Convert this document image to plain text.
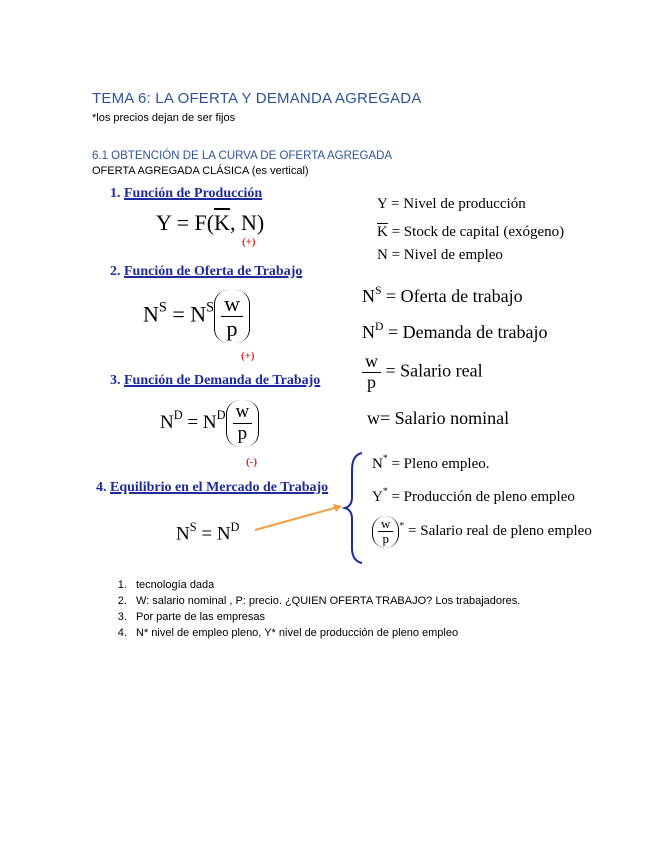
TEMA 6: LA OFERTA Y DEMANDA AGREGADA
*los precios dejan de ser fijos
6.1 OBTENCIÓN DE LA CURVA DE OFERTA AGREGADA
OFERTA AGREGADA CLÁSICA (es vertical)
1. Función de Producción
$Y = F(\overline{K}$, N)
(+)
Y = Nivel de producción
$\overline{K}$ = Stock de capital (exógeno)
N = Nivel de empleo
2. Función de Oferta de Trabajo
$N^S = N^S \frac{w}{p}$
(+)
$N^S$ = Oferta de trabajo
$N^D$ = Demanda de trabajo
$\frac{w}{p}$ = Salario real
w= Salario nominal
3. Función de Demanda de Trabajo
$N^D = N^D \frac{w}{p}$
(-)
4. Equilibrio en el Mercado de Trabajo
$N^S = N^D$
N* = Pleno empleo.
Y* = Producción de pleno empleo
$\frac{w}{p} ^*$ = Salario real de pleno empleo
1. tecnología dada
2. W: salario nominal , P: precio. ¿QUIEN OFERTA TRABAJO? Los trabajadores.
3. Por parte de las empresas
4. N* nivel de empleo pleno, Y* nivel de producción de pleno empleo
